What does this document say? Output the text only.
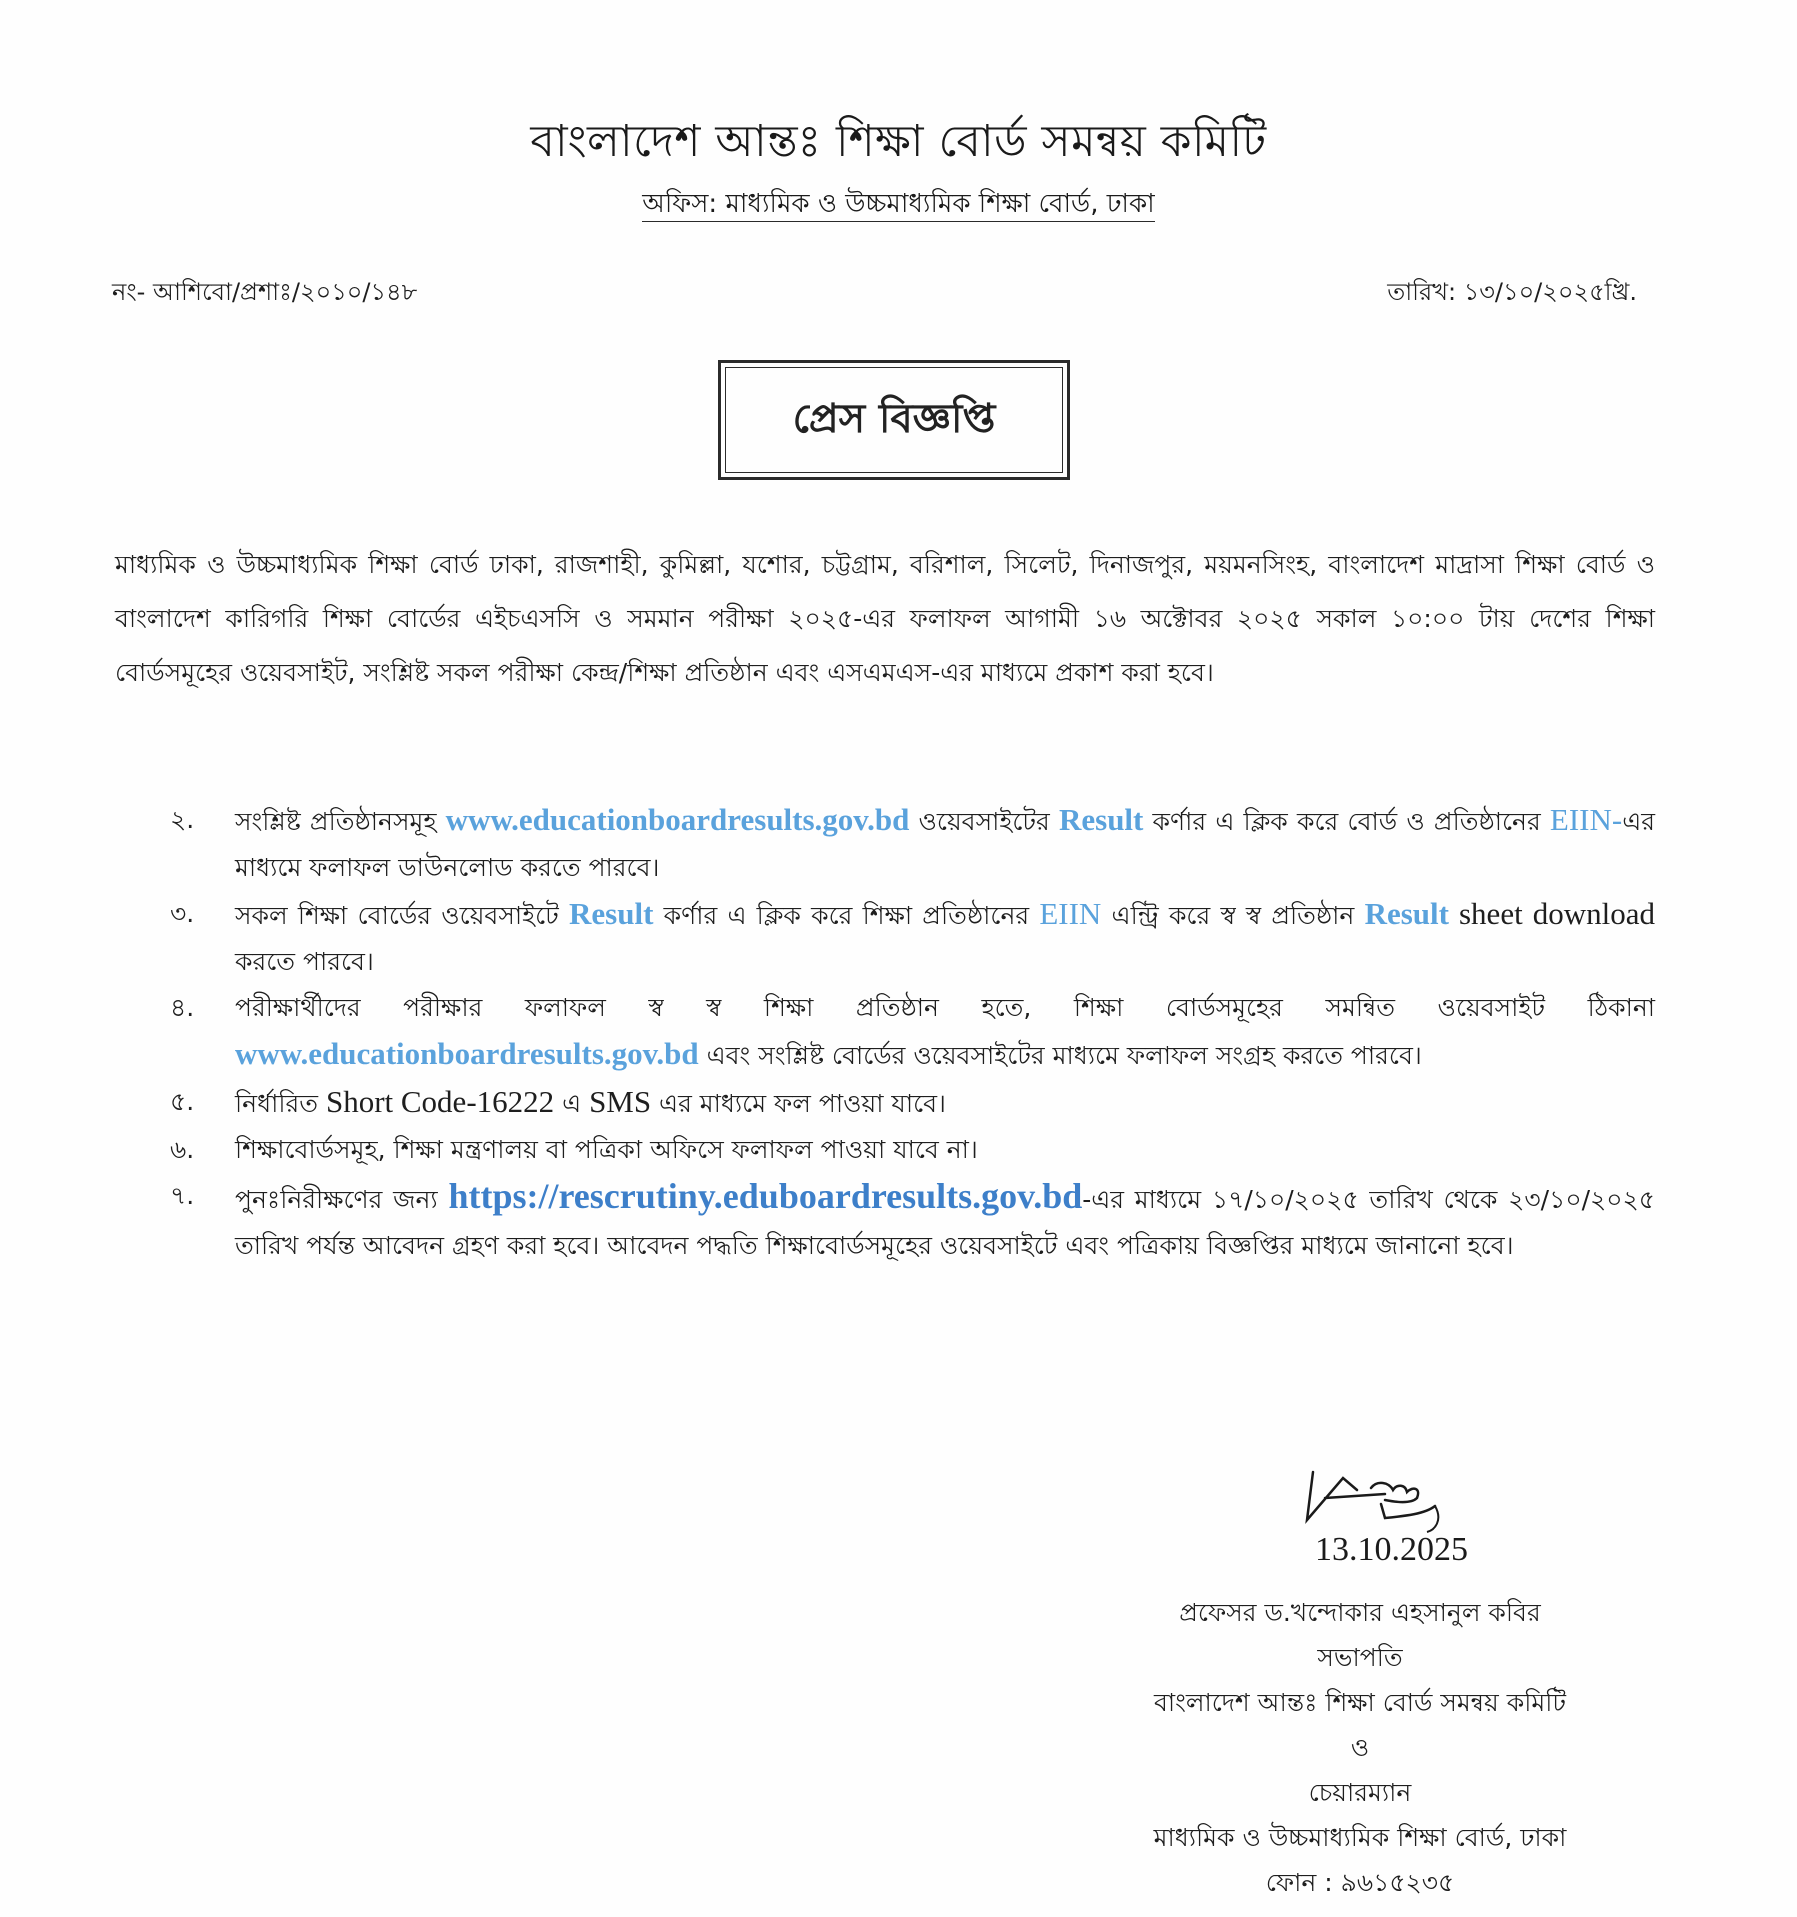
বাংলাদেশ আন্তঃ শিক্ষা বোর্ড সমন্বয় কমিটি
অফিস: মাধ্যমিক ও উচ্চমাধ্যমিক শিক্ষা বোর্ড, ঢাকা
নং- আশিবো/প্রশাঃ/২০১০/১৪৮	তারিখ: ১৩/১০/২০২৫খ্রি.
প্রেস বিজ্ঞপ্তি
মাধ্যমিক ও উচ্চমাধ্যমিক শিক্ষা বোর্ড ঢাকা, রাজশাহী, কুমিল্লা, যশোর, চট্টগ্রাম, বরিশাল, সিলেট, দিনাজপুর, ময়মনসিংহ, বাংলাদেশ মাদ্রাসা শিক্ষা বোর্ড ও বাংলাদেশ কারিগরি শিক্ষা বোর্ডের এইচএসসি ও সমমান পরীক্ষা ২০২৫-এর ফলাফল আগামী ১৬ অক্টোবর ২০২৫ সকাল ১০:০০ টায় দেশের শিক্ষা বোর্ডসমূহের ওয়েবসাইট, সংশ্লিষ্ট সকল পরীক্ষা কেন্দ্র/শিক্ষা প্রতিষ্ঠান এবং এসএমএস-এর মাধ্যমে প্রকাশ করা হবে।
২.	সংশ্লিষ্ট প্রতিষ্ঠানসমূহ www.educationboardresults.gov.bd ওয়েবসাইটের Result কর্ণার এ ক্লিক করে বোর্ড ও প্রতিষ্ঠানের EIIN-এর মাধ্যমে ফলাফল ডাউনলোড করতে পারবে।
৩.	সকল শিক্ষা বোর্ডের ওয়েবসাইটে Result কর্ণার এ ক্লিক করে শিক্ষা প্রতিষ্ঠানের EIIN এন্ট্রি করে স্ব স্ব প্রতিষ্ঠান Result sheet download করতে পারবে।
৪.	পরীক্ষার্থীদের পরীক্ষার ফলাফল স্ব স্ব শিক্ষা প্রতিষ্ঠান হতে, শিক্ষা বোর্ডসমূহের সমন্বিত ওয়েবসাইট ঠিকানা www.educationboardresults.gov.bd এবং সংশ্লিষ্ট বোর্ডের ওয়েবসাইটের মাধ্যমে ফলাফল সংগ্রহ করতে পারবে।
৫.	নির্ধারিত Short Code-16222 এ SMS এর মাধ্যমে ফল পাওয়া যাবে।
৬.	শিক্ষাবোর্ডসমূহ, শিক্ষা মন্ত্রণালয় বা পত্রিকা অফিসে ফলাফল পাওয়া যাবে না।
৭.	পুনঃনিরীক্ষণের জন্য https://rescrutiny.eduboardresults.gov.bd-এর মাধ্যমে ১৭/১০/২০২৫ তারিখ থেকে ২৩/১০/২০২৫ তারিখ পর্যন্ত আবেদন গ্রহণ করা হবে। আবেদন পদ্ধতি শিক্ষাবোর্ডসমূহের ওয়েবসাইটে এবং পত্রিকায় বিজ্ঞপ্তির মাধ্যমে জানানো হবে।
13.10.2025
প্রফেসর ড.খন্দোকার এহসানুল কবির
সভাপতি
বাংলাদেশ আন্তঃ শিক্ষা বোর্ড সমন্বয় কমিটি
ও
চেয়ারম্যান
মাধ্যমিক ও উচ্চমাধ্যমিক শিক্ষা বোর্ড, ঢাকা
ফোন : ৯৬১৫২৩৫
